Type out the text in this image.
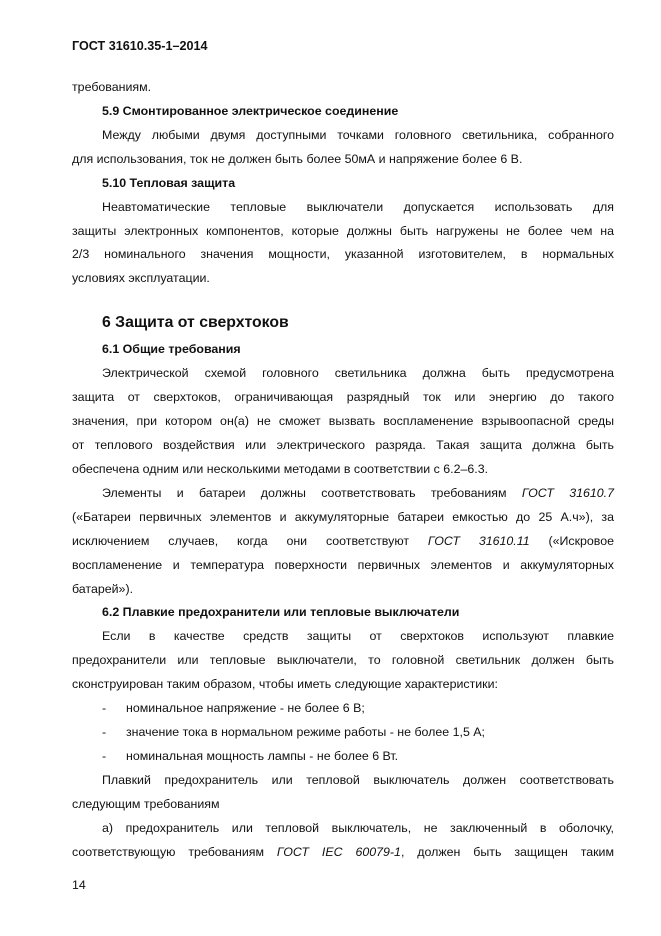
ГОСТ 31610.35-1–2014
требованиям.
5.9 Смонтированное электрическое соединение
Между любыми двумя доступными точками головного светильника, собранного
для использования, ток не должен быть более 50мА и напряжение более 6 В.
5.10 Тепловая защита
Неавтоматические тепловые выключатели допускается использовать для
защиты электронных компонентов, которые должны быть нагружены не более чем на
2/3 номинального значения мощности, указанной изготовителем, в нормальных
условиях эксплуатации.
6 Защита от сверхтоков
6.1 Общие требования
Электрической схемой головного светильника должна быть предусмотрена
защита от сверхтоков, ограничивающая разрядный ток или энергию до такого
значения, при котором он(а) не сможет вызвать воспламенение взрывоопасной среды
от теплового воздействия или электрического разряда. Такая защита должна быть
обеспечена одним или несколькими методами в соответствии с 6.2–6.3.
Элементы и батареи должны соответствовать требованиям ГОСТ 31610.7
(«Батареи первичных элементов и аккумуляторные батареи емкостью до 25 А.ч»), за
исключением случаев, когда они соответствуют ГОСТ 31610.11 («Искровое
воспламенение и температура поверхности первичных элементов и аккумуляторных
батарей»).
6.2 Плавкие предохранители или тепловые выключатели
Если в качестве средств защиты от сверхтоков используют плавкие
предохранители или тепловые выключатели, то головной светильник должен быть
сконструирован таким образом, чтобы иметь следующие характеристики:
- номинальное напряжение - не более 6 В;
- значение тока в нормальном режиме работы - не более 1,5 А;
- номинальная мощность лампы - не более 6 Вт.
Плавкий предохранитель или тепловой выключатель должен соответствовать
следующим требованиям
а) предохранитель или тепловой выключатель, не заключенный в оболочку,
соответствующую требованиям ГОСТ IEC 60079-1, должен быть защищен таким
14
